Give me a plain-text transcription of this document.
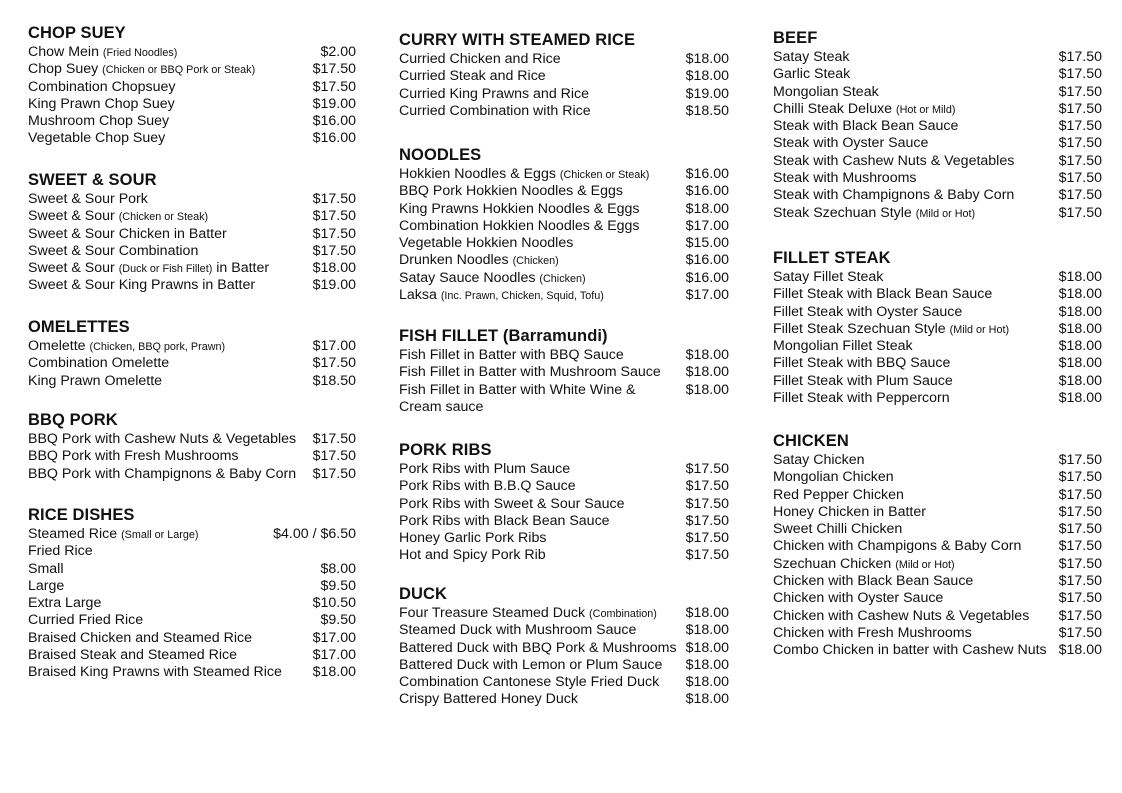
CHOP SUEY
Chow Mein (Fried Noodles)	$2.00
Chop Suey (Chicken or BBQ Pork or Steak)	$17.50
Combination Chopsuey	$17.50
King Prawn Chop Suey	$19.00
Mushroom Chop Suey	$16.00
Vegetable Chop Suey	$16.00
SWEET & SOUR
Sweet & Sour Pork	$17.50
Sweet & Sour (Chicken or Steak)	$17.50
Sweet & Sour Chicken in Batter	$17.50
Sweet & Sour Combination	$17.50
Sweet & Sour (Duck or Fish Fillet) in Batter	$18.00
Sweet & Sour King Prawns in Batter	$19.00
OMELETTES
Omelette (Chicken, BBQ pork, Prawn)	$17.00
Combination Omelette	$17.50
King Prawn Omelette	$18.50
BBQ PORK
BBQ Pork with Cashew Nuts & Vegetables $17.50
BBQ Pork with Fresh Mushrooms	$17.50
BBQ Pork with Champignons & Baby Corn $17.50
RICE DISHES
Steamed Rice (Small or Large)	$4.00 / $6.50
Fried Rice
Small	$8.00
Large	$9.50
Extra Large	$10.50
Curried Fried Rice	$9.50
Braised Chicken and Steamed Rice	$17.00
Braised Steak and Steamed Rice	$17.00
Braised King Prawns with Steamed Rice $18.00
CURRY WITH STEAMED RICE
Curried Chicken and Rice	$18.00
Curried Steak and Rice	$18.00
Curried King Prawns and Rice	$19.00
Curried Combination with Rice	$18.50
NOODLES
Hokkien Noodles & Eggs (Chicken or Steak)	$16.00
BBQ Pork Hokkien Noodles & Eggs	$16.00
King Prawns Hokkien Noodles & Eggs	$18.00
Combination Hokkien Noodles & Eggs	$17.00
Vegetable Hokkien Noodles	$15.00
Drunken Noodles (Chicken)	$16.00
Satay Sauce Noodles (Chicken)	$16.00
Laksa (Inc. Prawn, Chicken, Squid, Tofu)	$17.00
FISH FILLET (Barramundi)
Fish Fillet in Batter with BBQ Sauce	$18.00
Fish Fillet in Batter with Mushroom Sauce $18.00
Fish Fillet in Batter with White Wine & Cream sauce
$18.00
PORK RIBS
Pork Ribs with Plum Sauce	$17.50
Pork Ribs with B.B.Q Sauce	$17.50
Pork Ribs with Sweet & Sour Sauce	$17.50
Pork Ribs with Black Bean Sauce	$17.50
Honey Garlic Pork Ribs	$17.50
Hot and Spicy Pork Rib	$17.50
DUCK
Four Treasure Steamed Duck (Combination) $18.00
Steamed Duck with Mushroom Sauce	$18.00
Battered Duck with BBQ Pork & Mushrooms $18.00
Battered Duck with Lemon or Plum Sauce $18.00
Combination Cantonese Style Fried Duck $18.00
Crispy Battered Honey Duck	$18.00
BEEF
Satay Steak	$17.50
Garlic Steak	$17.50
Mongolian Steak	$17.50
Chilli Steak Deluxe (Hot or Mild)	$17.50
Steak with Black Bean Sauce	$17.50
Steak with Oyster Sauce	$17.50
Steak with Cashew Nuts & Vegetables	$17.50
Steak with Mushrooms	$17.50
Steak with Champignons & Baby Corn	$17.50
Steak Szechuan Style (Mild or Hot)	$17.50
FILLET STEAK
Satay Fillet Steak	$18.00
Fillet Steak with Black Bean Sauce	$18.00
Fillet Steak with Oyster Sauce	$18.00
Fillet Steak Szechuan Style (Mild or Hot)	$18.00
Mongolian Fillet Steak	$18.00
Fillet Steak with BBQ Sauce	$18.00
Fillet Steak with Plum Sauce	$18.00
Fillet Steak with Peppercorn	$18.00
CHICKEN
Satay Chicken	$17.50
Mongolian Chicken	$17.50
Red Pepper Chicken	$17.50
Honey Chicken in Batter	$17.50
Sweet Chilli Chicken	$17.50
Chicken with Champigons & Baby Corn	$17.50
Szechuan Chicken (Mild or Hot)	$17.50
Chicken with Black Bean Sauce	$17.50
Chicken with Oyster Sauce	$17.50
Chicken with Cashew Nuts & Vegetables $17.50
Chicken with Fresh Mushrooms	$17.50
Combo Chicken in batter with Cashew Nuts $18.00
